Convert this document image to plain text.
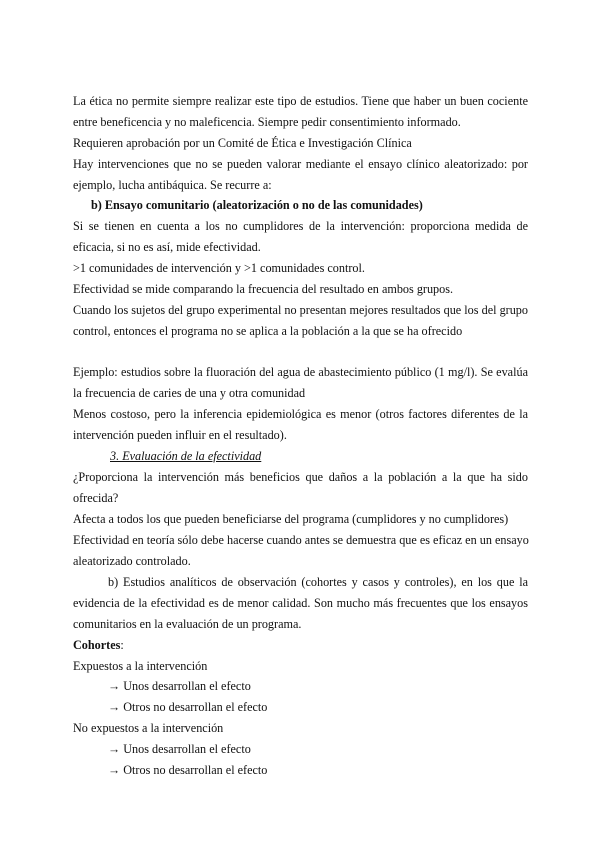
La ética no permite siempre realizar este tipo de estudios. Tiene que haber un buen cociente
entre beneficencia y no maleficencia. Siempre pedir consentimiento informado.
Requieren aprobación por un Comité de Ética e Investigación Clínica
Hay intervenciones que no se pueden valorar mediante el ensayo clínico aleatorizado: por
ejemplo, lucha antibáquica. Se recurre a:
b) Ensayo comunitario (aleatorización o no de las comunidades)
Si se tienen en cuenta a los no cumplidores de la intervención: proporciona medida de
eficacia, si no es así, mide efectividad.
>1 comunidades de intervención y >1 comunidades control.
Efectividad se mide comparando la frecuencia del resultado en ambos grupos.
Cuando los sujetos del grupo experimental no presentan mejores resultados que los del grupo
control, entonces el programa no se aplica a la población a la que se ha ofrecido
Ejemplo: estudios sobre la fluoración del agua de abastecimiento público (1 mg/l). Se evalúa
la frecuencia de caries de una y otra comunidad
Menos costoso, pero la inferencia epidemiológica es menor (otros factores diferentes de la
intervención pueden influir en el resultado).
3. Evaluación de la efectividad
¿Proporciona la intervención más beneficios que daños a la población a la que ha sido
ofrecida?
Afecta a todos los que pueden beneficiarse del programa (cumplidores y no cumplidores)
Efectividad en teoría sólo debe hacerse cuando antes se demuestra que es eficaz en un ensayo
aleatorizado controlado.
b) Estudios analíticos de observación (cohortes y casos y controles), en los que la
evidencia de la efectividad es de menor calidad. Son mucho más frecuentes que los ensayos
comunitarios en la evaluación de un programa.
Cohortes:
Expuestos a la intervención
→ Unos desarrollan el efecto
→ Otros no desarrollan el efecto
No expuestos a la intervención
→ Unos desarrollan el efecto
→ Otros no desarrollan el efecto
